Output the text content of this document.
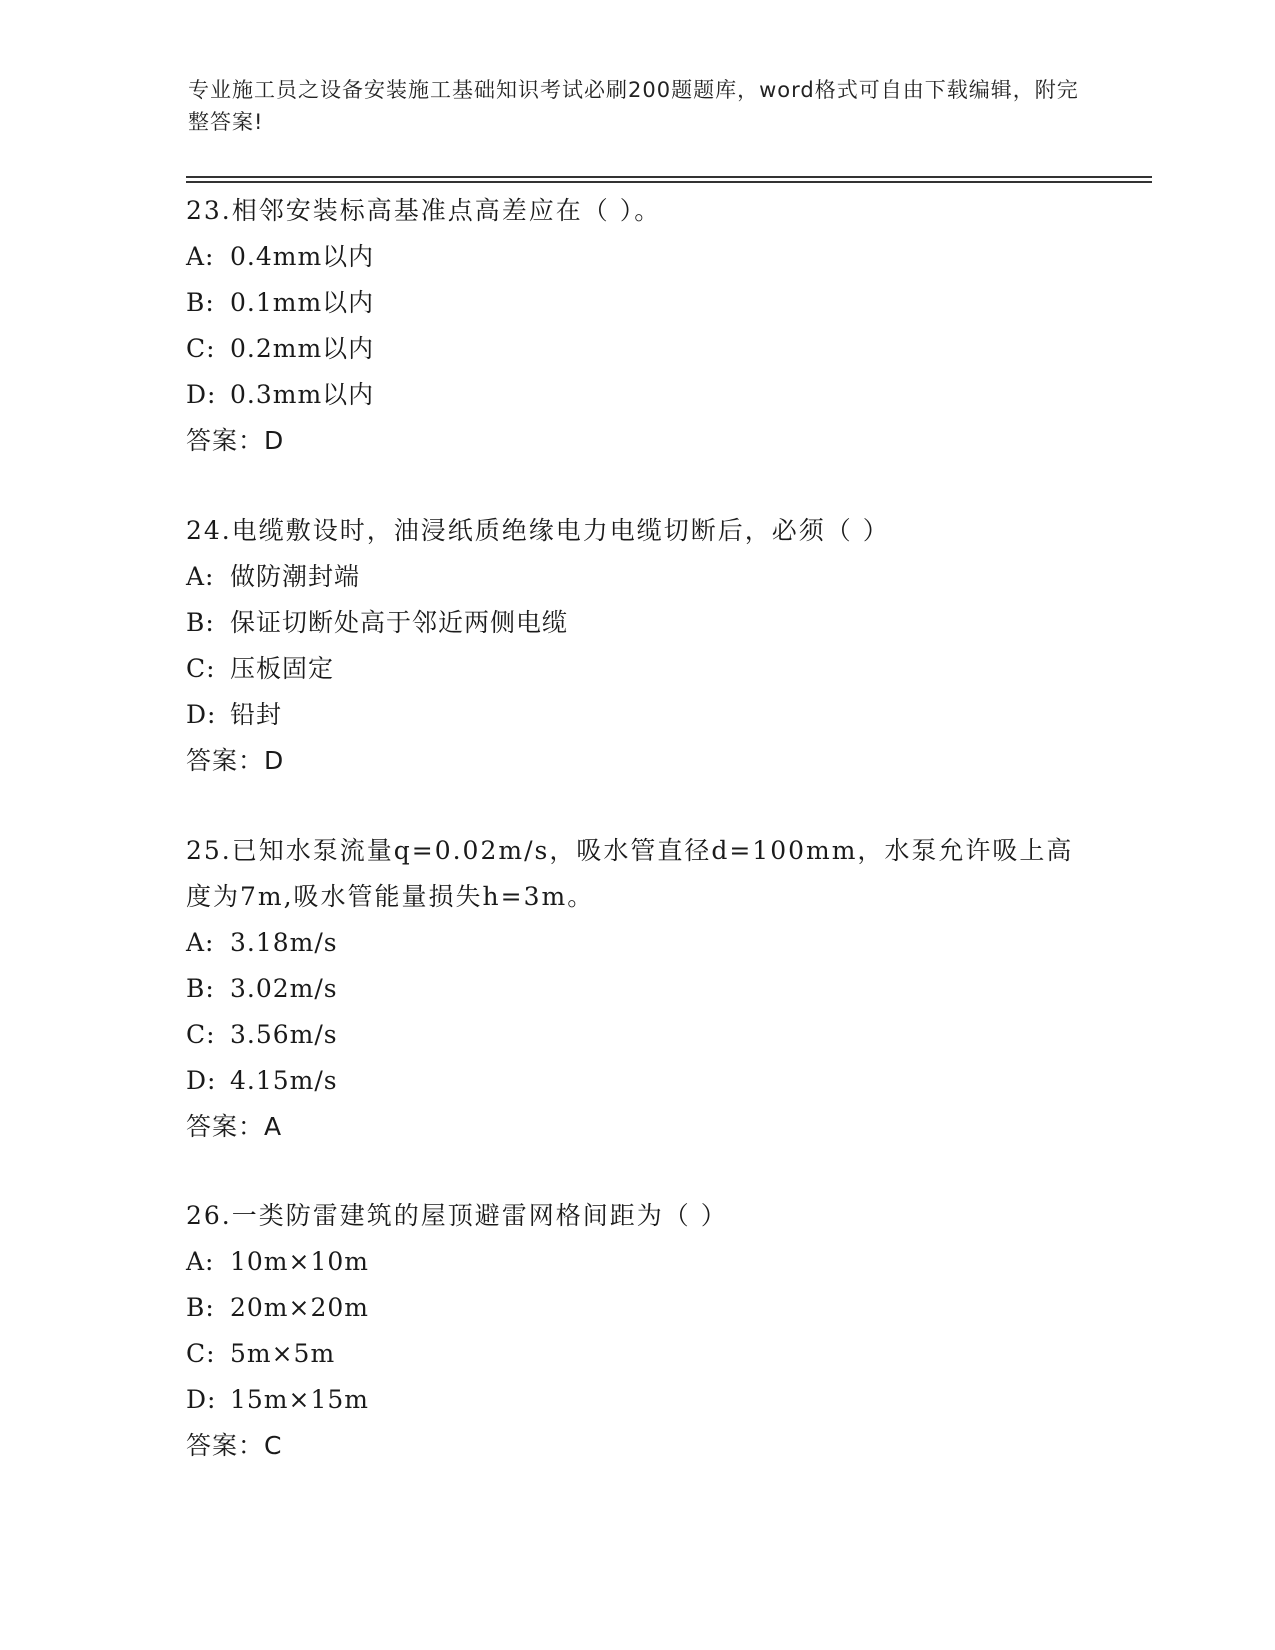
专业施工员之设备安装施工基础知识考试必刷200题题库，word格式可自由下载编辑，附完整答案!

23.相邻安装标高基准点高差应在（ ）。

A: 0.4mm以内

B: 0.1mm以内

C: 0.2mm以内

D: 0.3mm以内

答案：D

24.电缆敷设时，油浸纸质绝缘电力电缆切断后，必须（ ）

A: 做防潮封端

B: 保证切断处高于邻近两侧电缆

C: 压板固定

D: 铅封

答案：D

25.已知水泵流量q=0.02m/s，吸水管直径d=100mm，水泵允许吸上高度为7m,吸水管能量损失h=3m。

A: 3.18m/s

B: 3.02m/s

C: 3.56m/s

D: 4.15m/s

答案：A

26.一类防雷建筑的屋顶避雷网格间距为（ ）

A: 10m×10m

B: 20m×20m

C: 5m×5m

D: 15m×15m

答案：C
